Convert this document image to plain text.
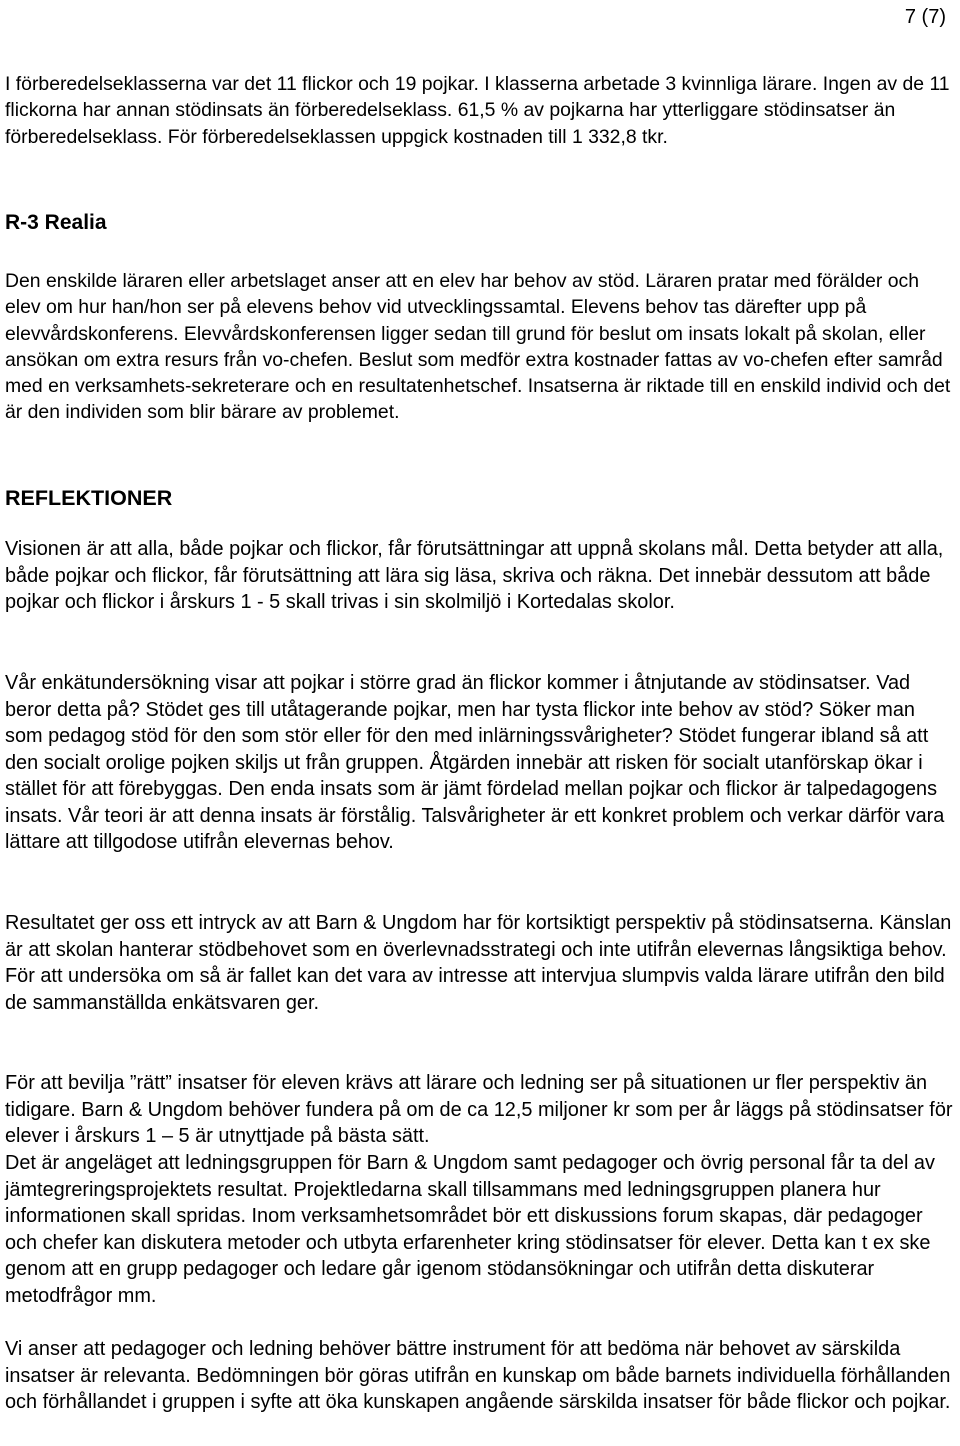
7 (7)

I förberedelseklasserna var det 11 flickor och 19 pojkar. I klasserna arbetade 3 kvinnliga lärare. Ingen av de 11 flickorna har annan stödinsats än förberedelseklass. 61,5 % av pojkarna har ytterliggare stödinsatser än förberedelseklass. För förberedelseklassen uppgick kostnaden till 1 332,8 tkr.

R-3 Realia

Den enskilde läraren eller arbetslaget anser att en elev har behov av stöd. Läraren pratar med förälder och elev om hur han/hon ser på elevens behov vid utvecklingssamtal. Elevens behov tas därefter upp på elevvårdskonferens. Elevvårdskonferensen ligger sedan till grund för beslut om insats lokalt på skolan, eller ansökan om extra resurs från vo-chefen. Beslut som medför extra kostnader fattas av vo-chefen efter samråd med en verksamhets-sekreterare och en resultatenhetschef. Insatserna är riktade till en enskild individ och det är den individen som blir bärare av problemet.

REFLEKTIONER

Visionen är att alla, både pojkar och flickor, får förutsättningar att uppnå skolans mål. Detta betyder att alla, både pojkar och flickor, får förutsättning att lära sig läsa, skriva och räkna. Det innebär dessutom att både pojkar och flickor i årskurs 1 - 5 skall trivas i sin skolmiljö i Kortedalas skolor.

Vår enkätundersökning visar att pojkar i större grad än flickor kommer i åtnjutande av stödinsatser. Vad beror detta på? Stödet ges till utåtagerande pojkar, men har tysta flickor inte behov av stöd? Söker man som pedagog stöd för den som stör eller för den med inlärningssvårigheter? Stödet fungerar ibland så att den socialt orolige pojken skiljs ut från gruppen. Åtgärden innebär att risken för socialt utanförskap ökar i stället för att förebyggas. Den enda insats som är jämt fördelad mellan pojkar och flickor är talpedagogens insats. Vår teori är att denna insats är förstålig. Talsvårigheter är ett konkret problem och verkar därför vara lättare att tillgodose utifrån elevernas behov.

Resultatet ger oss ett intryck av att Barn & Ungdom har för kortsiktigt perspektiv på stödinsatserna. Känslan är att skolan hanterar stödbehovet som en överlevnadsstrategi och inte utifrån elevernas långsiktiga behov. För att undersöka om så är fallet kan det vara av intresse att intervjua slumpvis valda lärare utifrån den bild de sammanställda enkätsvaren ger.

För att bevilja ”rätt” insatser för eleven krävs att lärare och ledning ser på situationen ur fler perspektiv än tidigare. Barn & Ungdom behöver fundera på om de ca 12,5 miljoner kr som per år läggs på stödinsatser för elever i årskurs 1 – 5 är utnyttjade på bästa sätt.

Det är angeläget att ledningsgruppen för Barn & Ungdom samt pedagoger och övrig personal får ta del av jämtegreringsprojektets resultat. Projektledarna skall tillsammans med ledningsgruppen planera hur informationen skall spridas. Inom verksamhetsområdet bör ett diskussions forum skapas, där pedagoger och chefer kan diskutera metoder och utbyta erfarenheter kring stödinsatser för elever. Detta kan t ex ske genom att en grupp pedagoger och ledare går igenom stödansökningar och utifrån detta diskuterar metodfrågor mm.

Vi anser att pedagoger och ledning behöver bättre instrument för att bedöma när behovet av särskilda insatser är relevanta. Bedömningen bör göras utifrån en kunskap om både barnets individuella förhållanden och förhållandet i gruppen i syfte att öka kunskapen angående särskilda insatser för både flickor och pojkar.
